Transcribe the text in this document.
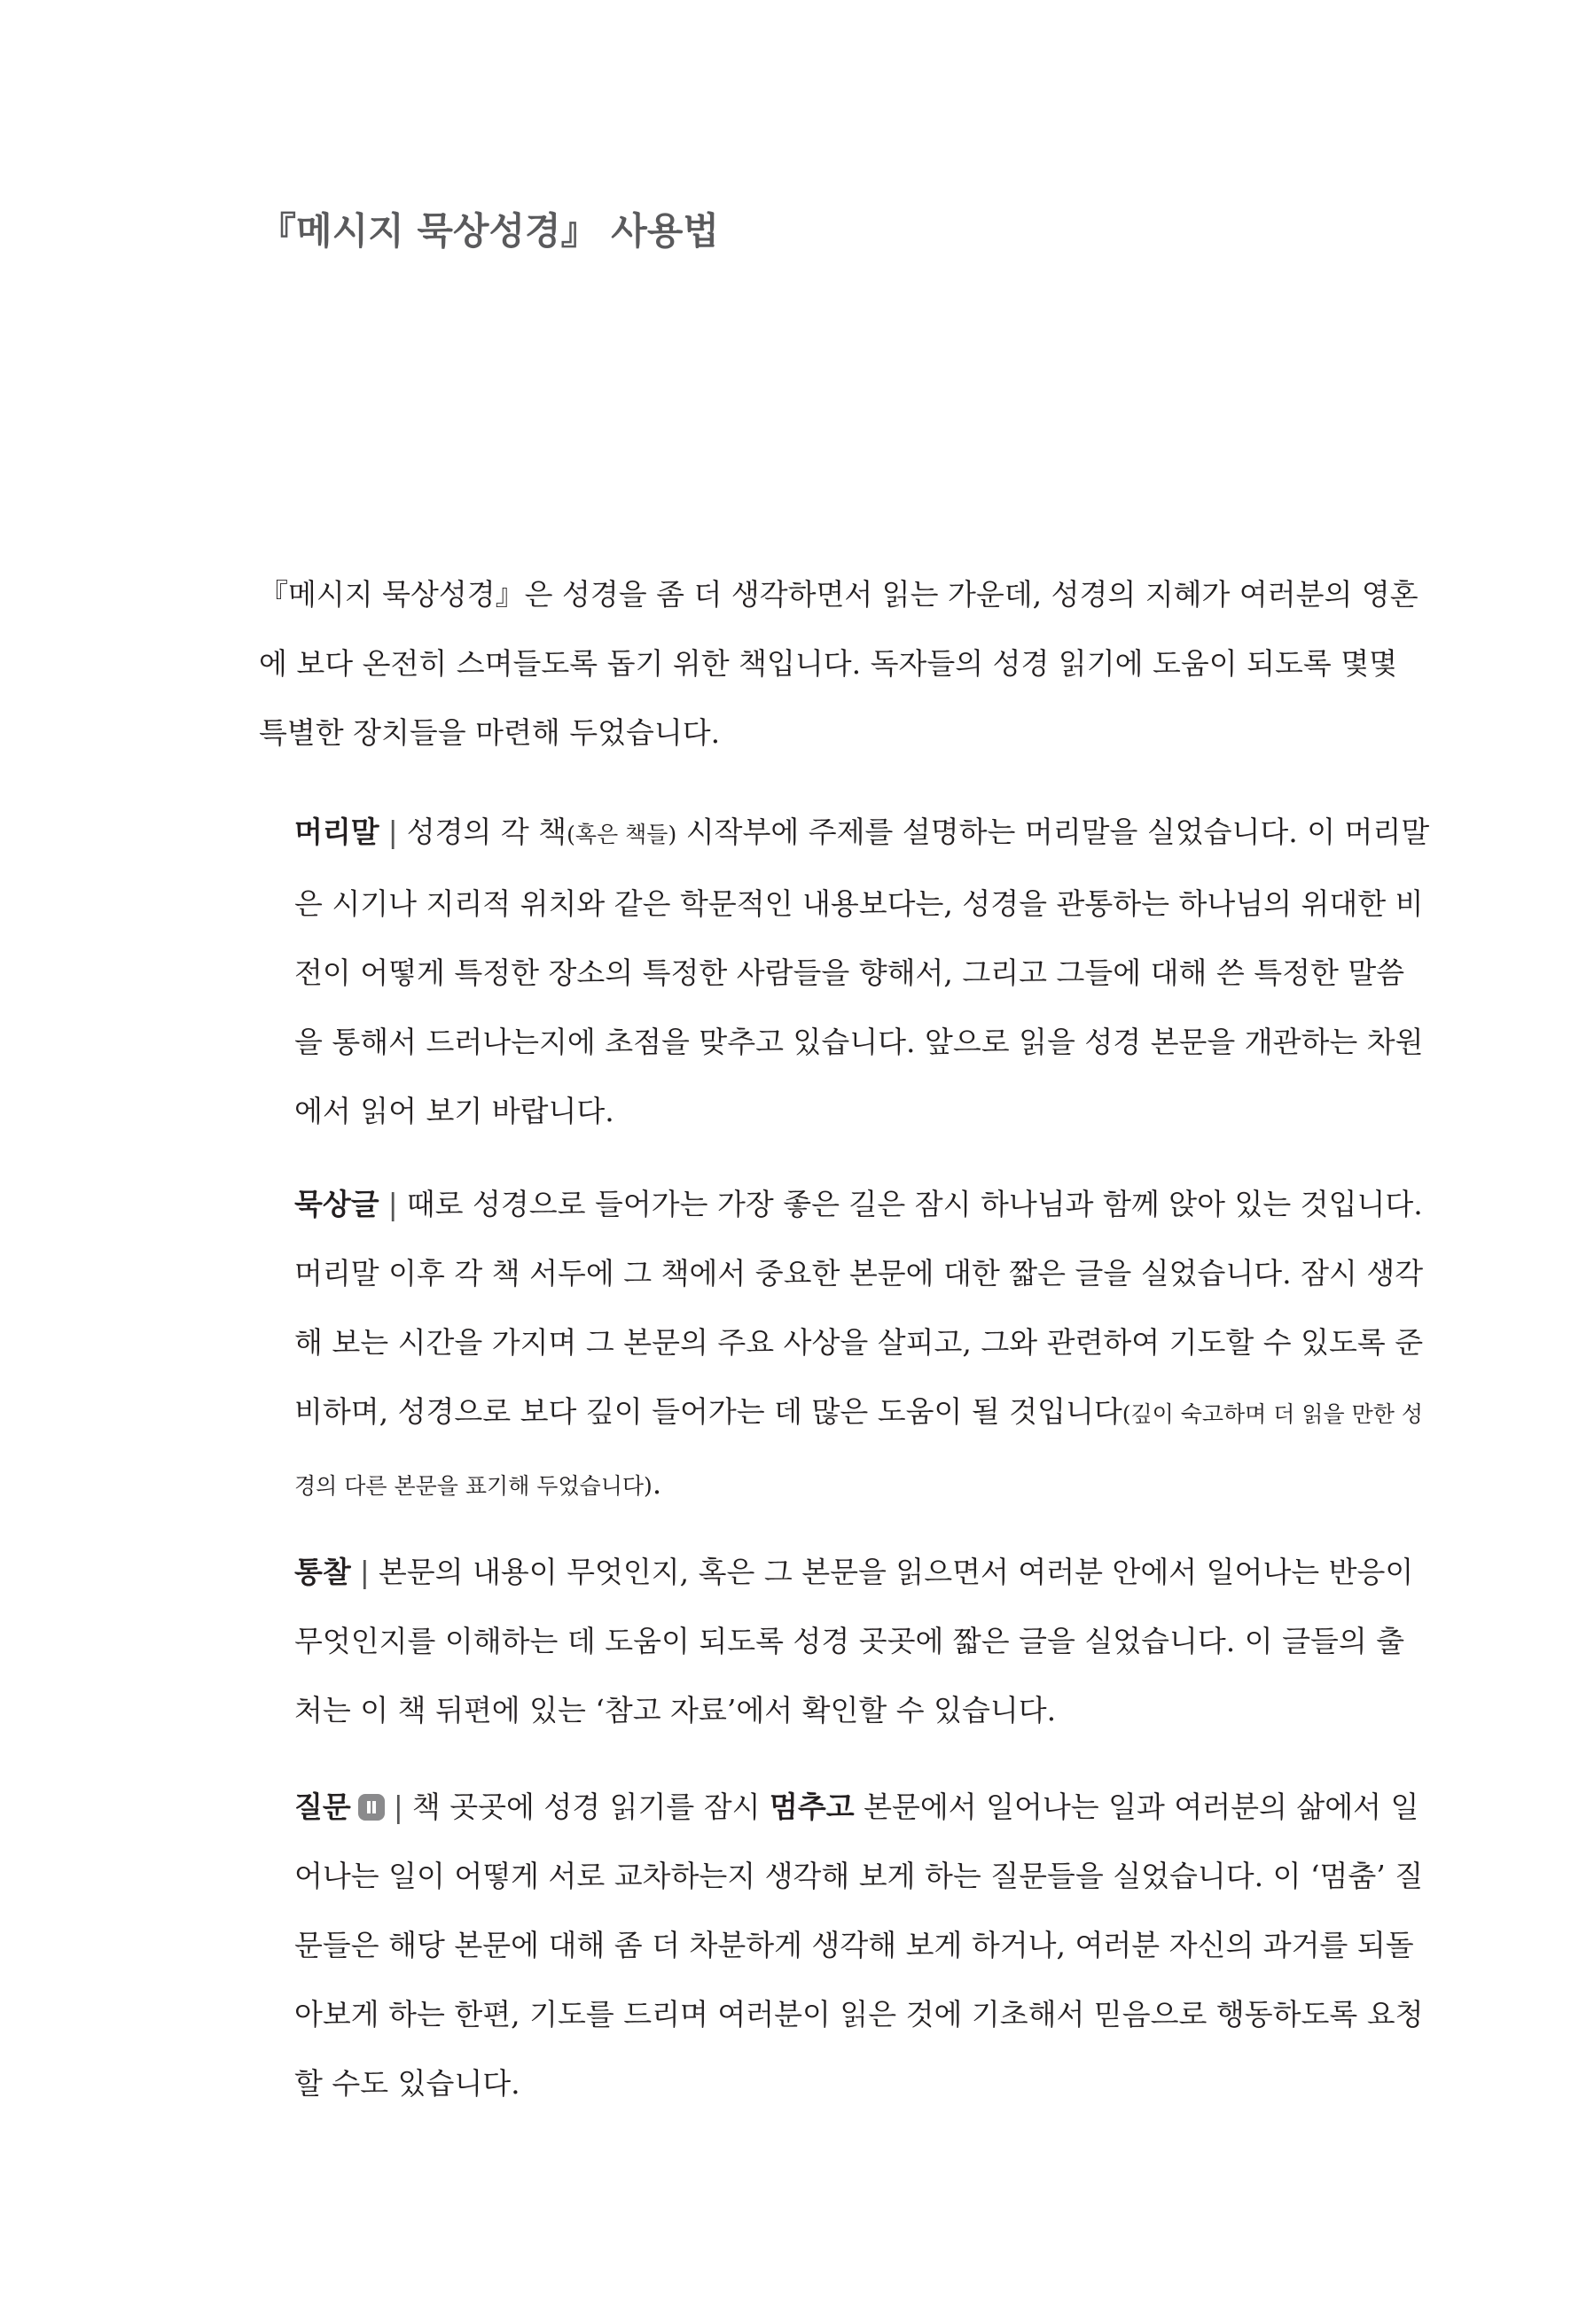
『메시지 묵상성경』 사용법

『메시지 묵상성경』은 성경을 좀 더 생각하면서 읽는 가운데, 성경의 지혜가 여러분의 영혼에 보다 온전히 스며들도록 돕기 위한 책입니다. 독자들의 성경 읽기에 도움이 되도록 몇몇 특별한 장치들을 마련해 두었습니다.

머리말 | 성경의 각 책(혹은 책들) 시작부에 주제를 설명하는 머리말을 실었습니다. 이 머리말은 시기나 지리적 위치와 같은 학문적인 내용보다는, 성경을 관통하는 하나님의 위대한 비전이 어떻게 특정한 장소의 특정한 사람들을 향해서, 그리고 그들에 대해 쓴 특정한 말씀을 통해서 드러나는지에 초점을 맞추고 있습니다. 앞으로 읽을 성경 본문을 개관하는 차원에서 읽어 보기 바랍니다.

묵상글 | 때로 성경으로 들어가는 가장 좋은 길은 잠시 하나님과 함께 앉아 있는 것입니다. 머리말 이후 각 책 서두에 그 책에서 중요한 본문에 대한 짧은 글을 실었습니다. 잠시 생각해 보는 시간을 가지며 그 본문의 주요 사상을 살피고, 그와 관련하여 기도할 수 있도록 준비하며, 성경으로 보다 깊이 들어가는 데 많은 도움이 될 것입니다(깊이 숙고하며 더 읽을 만한 성경의 다른 본문을 표기해 두었습니다).

통찰 | 본문의 내용이 무엇인지, 혹은 그 본문을 읽으면서 여러분 안에서 일어나는 반응이 무엇인지를 이해하는 데 도움이 되도록 성경 곳곳에 짧은 글을 실었습니다. 이 글들의 출처는 이 책 뒤편에 있는 ‘참고 자료’에서 확인할 수 있습니다.

질문 | 책 곳곳에 성경 읽기를 잠시 멈추고 본문에서 일어나는 일과 여러분의 삶에서 일어나는 일이 어떻게 서로 교차하는지 생각해 보게 하는 질문들을 실었습니다. 이 ‘멈춤’ 질문들은 해당 본문에 대해 좀 더 차분하게 생각해 보게 하거나, 여러분 자신의 과거를 되돌아보게 하는 한편, 기도를 드리며 여러분이 읽은 것에 기초해서 믿음으로 행동하도록 요청할 수도 있습니다.
